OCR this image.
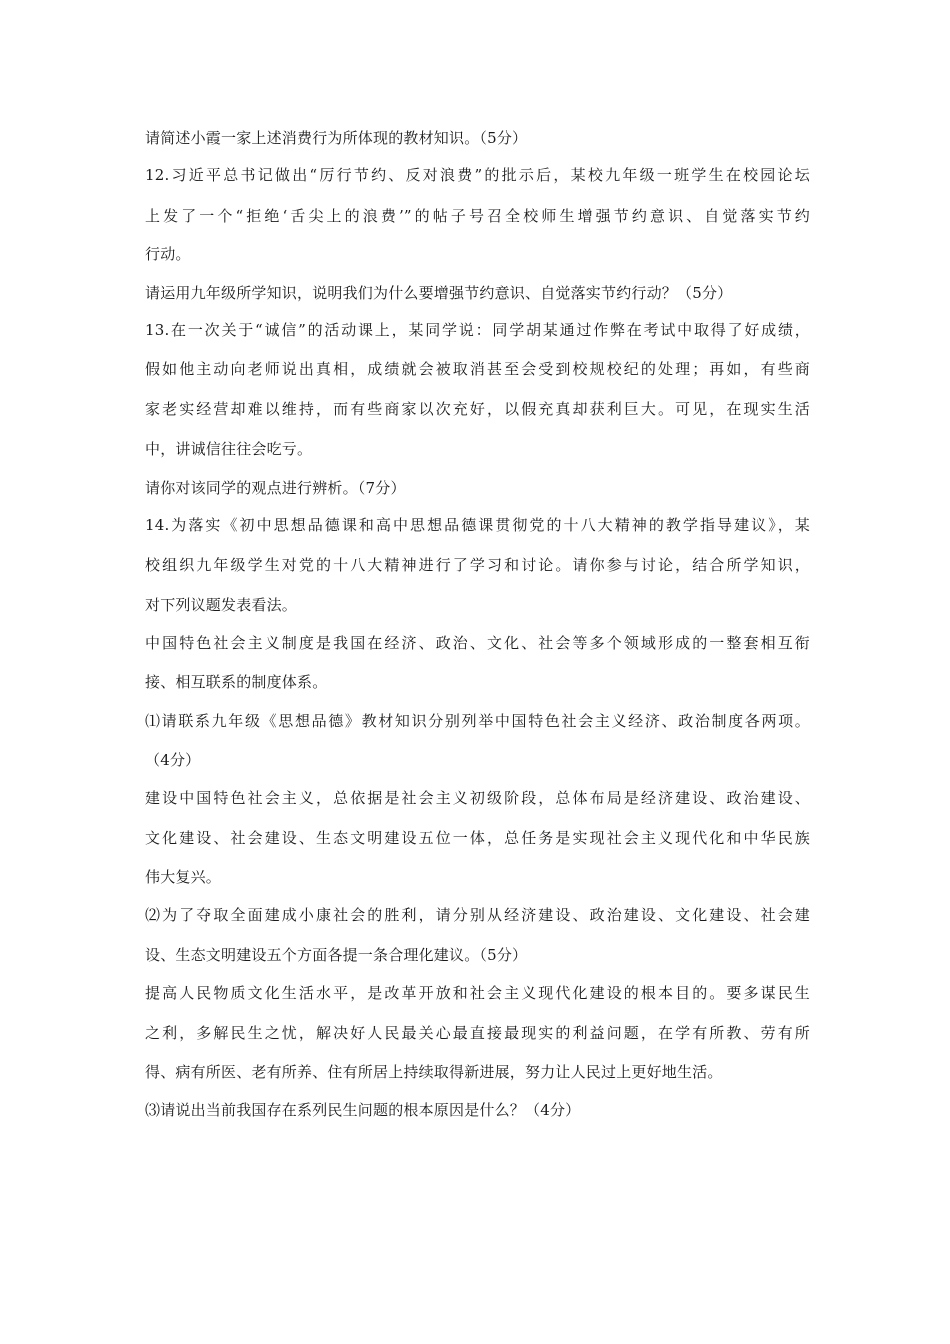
请简述小霞一家上述消费行为所体现的教材知识。（5分）
12.习近平总书记做出“厉行节约、反对浪费”的批示后，某校九年级一班学生在校园论坛
上发了一个“拒绝‘舌尖上的浪费’”的帖子号召全校师生增强节约意识、自觉落实节约
行动。
请运用九年级所学知识，说明我们为什么要增强节约意识、自觉落实节约行动？（5分）
13.在一次关于“诚信”的活动课上，某同学说：同学胡某通过作弊在考试中取得了好成绩，
假如他主动向老师说出真相，成绩就会被取消甚至会受到校规校纪的处理；再如，有些商
家老实经营却难以维持，而有些商家以次充好，以假充真却获利巨大。可见，在现实生活
中，讲诚信往往会吃亏。
请你对该同学的观点进行辨析。（7分）
14.为落实《初中思想品德课和高中思想品德课贯彻党的十八大精神的教学指导建议》，某
校组织九年级学生对党的十八大精神进行了学习和讨论。请你参与讨论，结合所学知识，
对下列议题发表看法。
中国特色社会主义制度是我国在经济、政治、文化、社会等多个领域形成的一整套相互衔
接、相互联系的制度体系。
⑴请联系九年级《思想品德》教材知识分别列举中国特色社会主义经济、政治制度各两项。
（4分）
建设中国特色社会主义，总依据是社会主义初级阶段，总体布局是经济建设、政治建设、
文化建设、社会建设、生态文明建设五位一体，总任务是实现社会主义现代化和中华民族
伟大复兴。
⑵为了夺取全面建成小康社会的胜利，请分别从经济建设、政治建设、文化建设、社会建
设、生态文明建设五个方面各提一条合理化建议。（5分）
提高人民物质文化生活水平，是改革开放和社会主义现代化建设的根本目的。要多谋民生
之利，多解民生之忧，解决好人民最关心最直接最现实的利益问题，在学有所教、劳有所
得、病有所医、老有所养、住有所居上持续取得新进展，努力让人民过上更好地生活。
⑶请说出当前我国存在系列民生问题的根本原因是什么？（4分）
